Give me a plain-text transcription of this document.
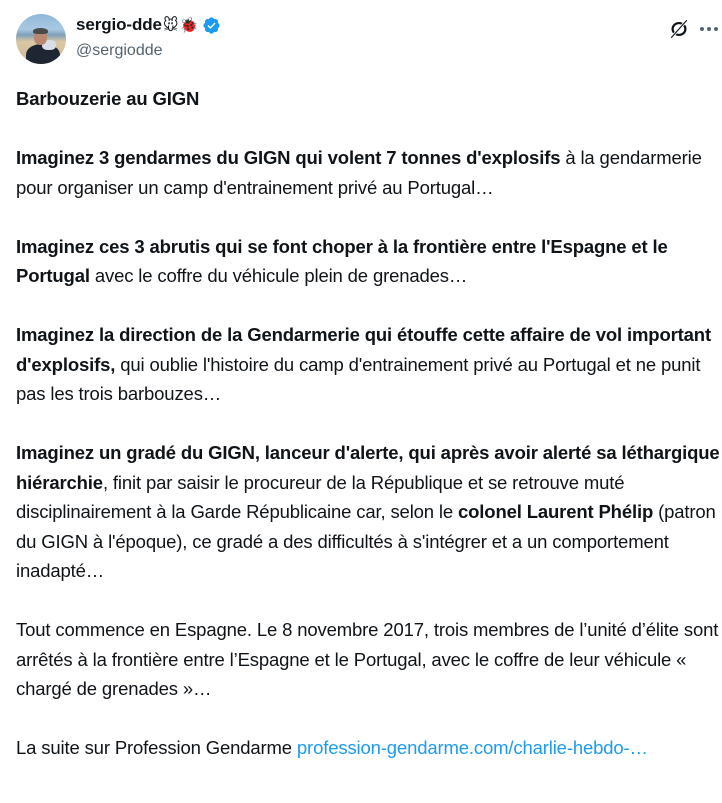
sergio-dde 🐭 🐞
@sergiodde

Barbouzerie au GIGN

Imaginez 3 gendarmes du GIGN qui volent 7 tonnes d'explosifs à la gendarmerie pour organiser un camp d'entrainement privé au Portugal…

Imaginez ces 3 abrutis qui se font choper à la frontière entre l'Espagne et le Portugal avec le coffre du véhicule plein de grenades…

Imaginez la direction de la Gendarmerie qui étouffe cette affaire de vol important d'explosifs, qui oublie l'histoire du camp d'entrainement privé au Portugal et ne punit pas les trois barbouzes…

Imaginez un gradé du GIGN, lanceur d'alerte, qui après avoir alerté sa léthargique hiérarchie, finit par saisir le procureur de la République et se retrouve muté disciplinairement à la Garde Républicaine car, selon le colonel Laurent Phélip (patron du GIGN à l'époque), ce gradé a des difficultés à s'intégrer et a un comportement inadapté…

Tout commence en Espagne. Le 8 novembre 2017, trois membres de l’unité d’élite sont arrêtés à la frontière entre l’Espagne et le Portugal, avec le coffre de leur véhicule « chargé de grenades »…

La suite sur Profession Gendarme profession-gendarme.com/charlie-hebdo-…
